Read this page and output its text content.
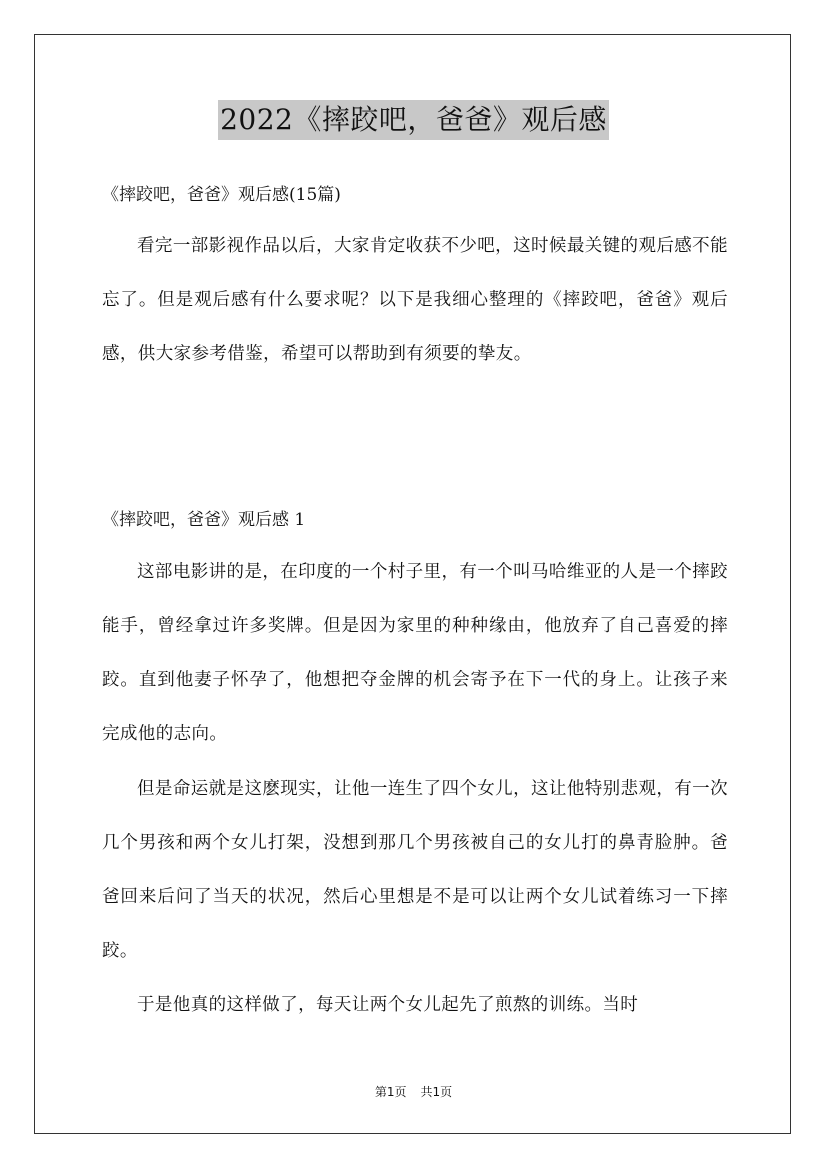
2022《摔跤吧，爸爸》观后感
《摔跤吧，爸爸》观后感(15篇)

看完一部影视作品以后，大家肯定收获不少吧，这时候最关键的观后感不能忘了。但是观后感有什么要求呢？以下是我细心整理的《摔跤吧，爸爸》观后感，供大家参考借鉴，希望可以帮助到有须要的挚友。

《摔跤吧，爸爸》观后感 1

这部电影讲的是，在印度的一个村子里，有一个叫马哈维亚的人是一个摔跤能手，曾经拿过许多奖牌。但是因为家里的种种缘由，他放弃了自己喜爱的摔跤。直到他妻子怀孕了，他想把夺金牌的机会寄予在下一代的身上。让孩子来完成他的志向。

但是命运就是这麽现实，让他一连生了四个女儿，这让他特别悲观，有一次几个男孩和两个女儿打架，没想到那几个男孩被自己的女儿打的鼻青脸肿。爸爸回来后问了当天的状况，然后心里想是不是可以让两个女儿试着练习一下摔跤。

于是他真的这样做了，每天让两个女儿起先了煎熬的训练。当时

第1页 共1页
